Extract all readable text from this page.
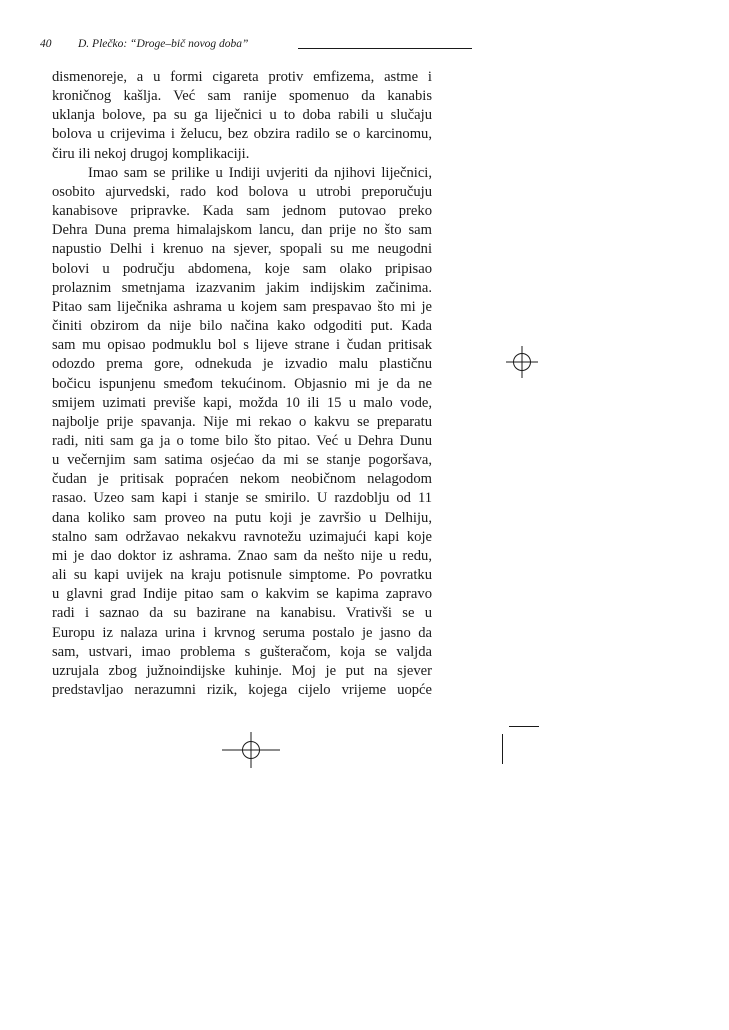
40 D. Plečko: “Droge–bič novog doba”

dismenoreje, a u formi cigareta protiv emfizema, astme i
kroničnog kašlja. Već sam ranije spomenuo da kanabis
uklanja bolove, pa su ga liječnici u to doba rabili u slučaju
bolova u crijevima i želucu, bez obzira radilo se o karcinomu,
čiru ili nekoj drugoj komplikaciji.

Imao sam se prilike u Indiji uvjeriti da njihovi liječnici,
osobito ajurvedski, rado kod bolova u utrobi preporučuju
kanabisove pripravke. Kada sam jednom putovao preko
Dehra Duna prema himalajskom lancu, dan prije no što sam
napustio Delhi i krenuo na sjever, spopali su me neugodni
bolovi u području abdomena, koje sam olako pripisao
prolaznim smetnjama izazvanim jakim indijskim začinima.
Pitao sam liječnika ashrama u kojem sam prespavao što mi je
činiti obzirom da nije bilo načina kako odgoditi put. Kada
sam mu opisao podmuklu bol s lijeve strane i čudan pritisak
odozdo prema gore, odnekuda je izvadio malu plastičnu
bočicu ispunjenu smeđom tekućinom. Objasnio mi je da ne
smijem uzimati previše kapi, možda 10 ili 15 u malo vode,
najbolje prije spavanja. Nije mi rekao o kakvu se preparatu
radi, niti sam ga ja o tome bilo što pitao. Već u Dehra Dunu
u večernjim sam satima osjećao da mi se stanje pogoršava,
čudan je pritisak popraćen nekom neobičnom nelagodom
rasao. Uzeo sam kapi i stanje se smirilo. U razdoblju od 11
dana koliko sam proveo na putu koji je završio u Delhiju,
stalno sam održavao nekakvu ravnotežu uzimajući kapi koje
mi je dao doktor iz ashrama. Znao sam da nešto nije u redu,
ali su kapi uvijek na kraju potisnule simptome. Po povratku
u glavni grad Indije pitao sam o kakvim se kapima zapravo
radi i saznao da su bazirane na kanabisu. Vrativši se u
Europu iz nalaza urina i krvnog seruma postalo je jasno da
sam, ustvari, imao problema s gušteračom, koja se valjda
uzrujala zbog južnoindijske kuhinje. Moj je put na sjever
predstavljao nerazumni rizik, kojega cijelo vrijeme uopće
